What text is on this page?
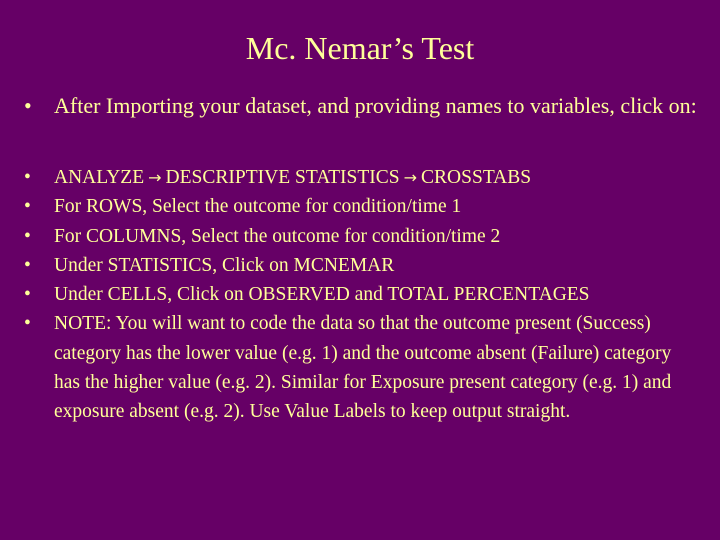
Mc. Nemar’s Test
•	After Importing your dataset, and providing names to variables, click on:
•	ANALYZE → DESCRIPTIVE STATISTICS → CROSSTABS
•	For ROWS, Select the outcome for condition/time 1
•	For COLUMNS, Select the outcome for condition/time 2
•	Under STATISTICS, Click on MCNEMAR
•	Under CELLS, Click on OBSERVED and TOTAL PERCENTAGES
•	NOTE: You will want to code the data so that the outcome present (Success) category has the lower value (e.g. 1) and the outcome absent (Failure) category has the higher value (e.g. 2). Similar for Exposure present category (e.g. 1) and exposure absent (e.g. 2). Use Value Labels to keep output straight.
